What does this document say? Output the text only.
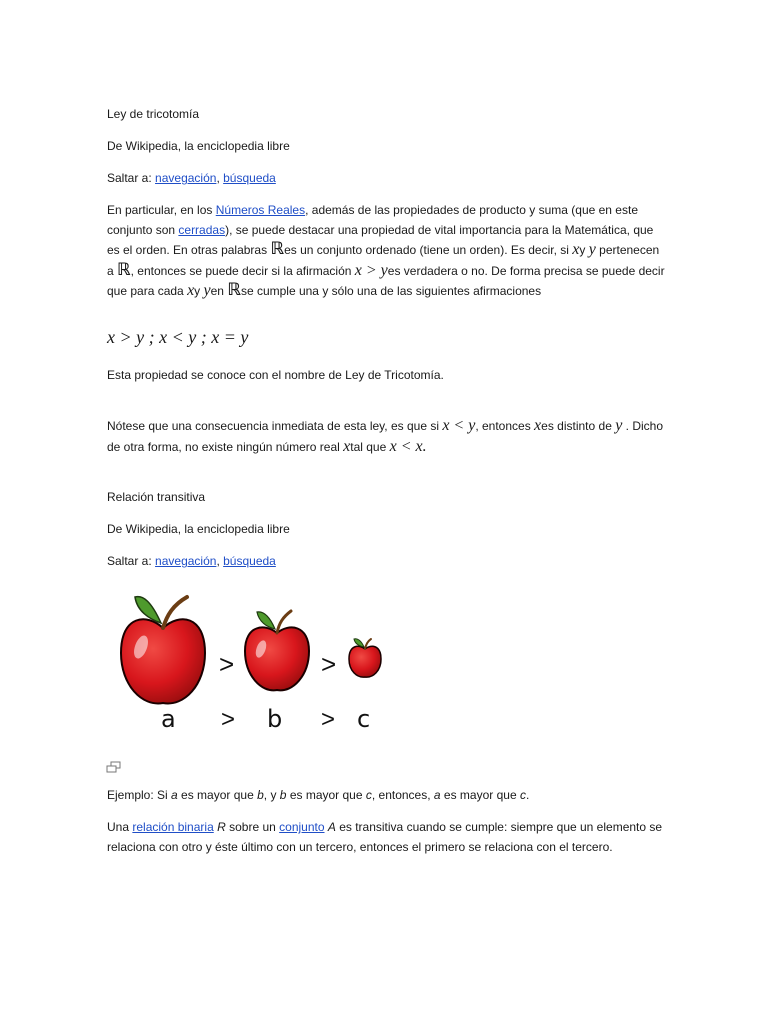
Ley de tricotomía
De Wikipedia, la enciclopedia libre
Saltar a: navegación, búsqueda
En particular, en los Números Reales, además de las propiedades de producto y suma (que en este conjunto son cerradas), se puede destacar una propiedad de vital importancia para la Matemática, que es el orden. En otras palabras ℝes un conjunto ordenado (tiene un orden). Es decir, si xy y pertenecen a ℝ, entonces se puede decir si la afirmación x > yes verdadera o no. De forma precisa se puede decir que para cada xy yen ℝse cumple una y sólo una de las siguientes afirmaciones
x > y ; x < y ; x = y
Esta propiedad se conoce con el nombre de Ley de Tricotomía.
Nótese que una consecuencia inmediata de esta ley, es que si x < y, entonces xes distinto de y . Dicho de otra forma, no existe ningún número real xtal que x < x.
Relación transitiva
De Wikipedia, la enciclopedia libre
Saltar a: navegación, búsqueda
>	>
a > b > c
Ejemplo: Si a es mayor que b, y b es mayor que c, entonces, a es mayor que c.
Una relación binaria R sobre un conjunto A es transitiva cuando se cumple: siempre que un elemento se relaciona con otro y éste último con un tercero, entonces el primero se relaciona con el tercero.
